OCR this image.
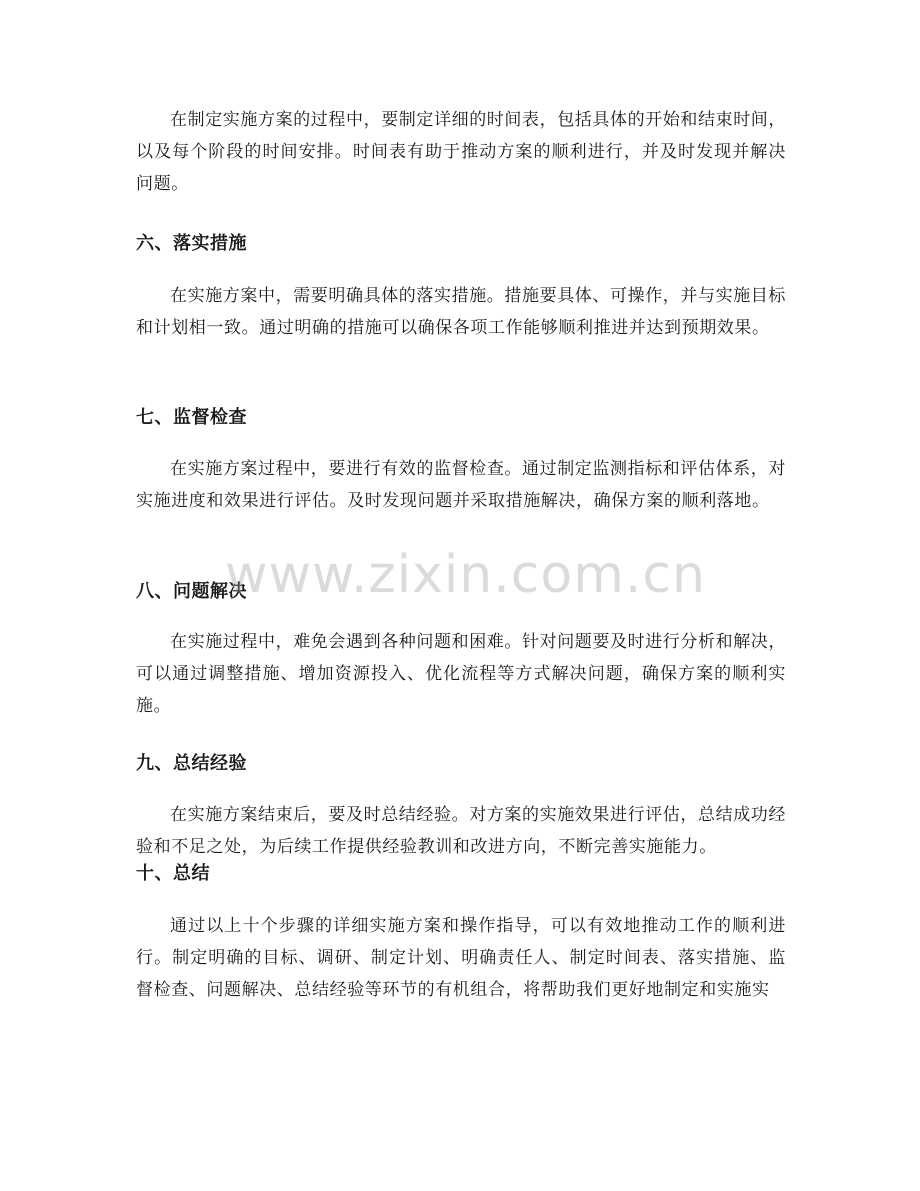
在制定实施方案的过程中，要制定详细的时间表，包括具体的开始和结束时间，以及每个阶段的时间安排。时间表有助于推动方案的顺利进行，并及时发现并解决问题。

六、落实措施

在实施方案中，需要明确具体的落实措施。措施要具体、可操作，并与实施目标和计划相一致。通过明确的措施可以确保各项工作能够顺利推进并达到预期效果。

七、监督检查

在实施方案过程中，要进行有效的监督检查。通过制定监测指标和评估体系，对实施进度和效果进行评估。及时发现问题并采取措施解决，确保方案的顺利落地。

八、问题解决

在实施过程中，难免会遇到各种问题和困难。针对问题要及时进行分析和解决，可以通过调整措施、增加资源投入、优化流程等方式解决问题，确保方案的顺利实施。

九、总结经验

在实施方案结束后，要及时总结经验。对方案的实施效果进行评估，总结成功经验和不足之处，为后续工作提供经验教训和改进方向，不断完善实施能力。

十、总结

通过以上十个步骤的详细实施方案和操作指导，可以有效地推动工作的顺利进行。制定明确的目标、调研、制定计划、明确责任人、制定时间表、落实措施、监督检查、问题解决、总结经验等环节的有机组合，将帮助我们更好地制定和实施实

www.zixin.com.cn
